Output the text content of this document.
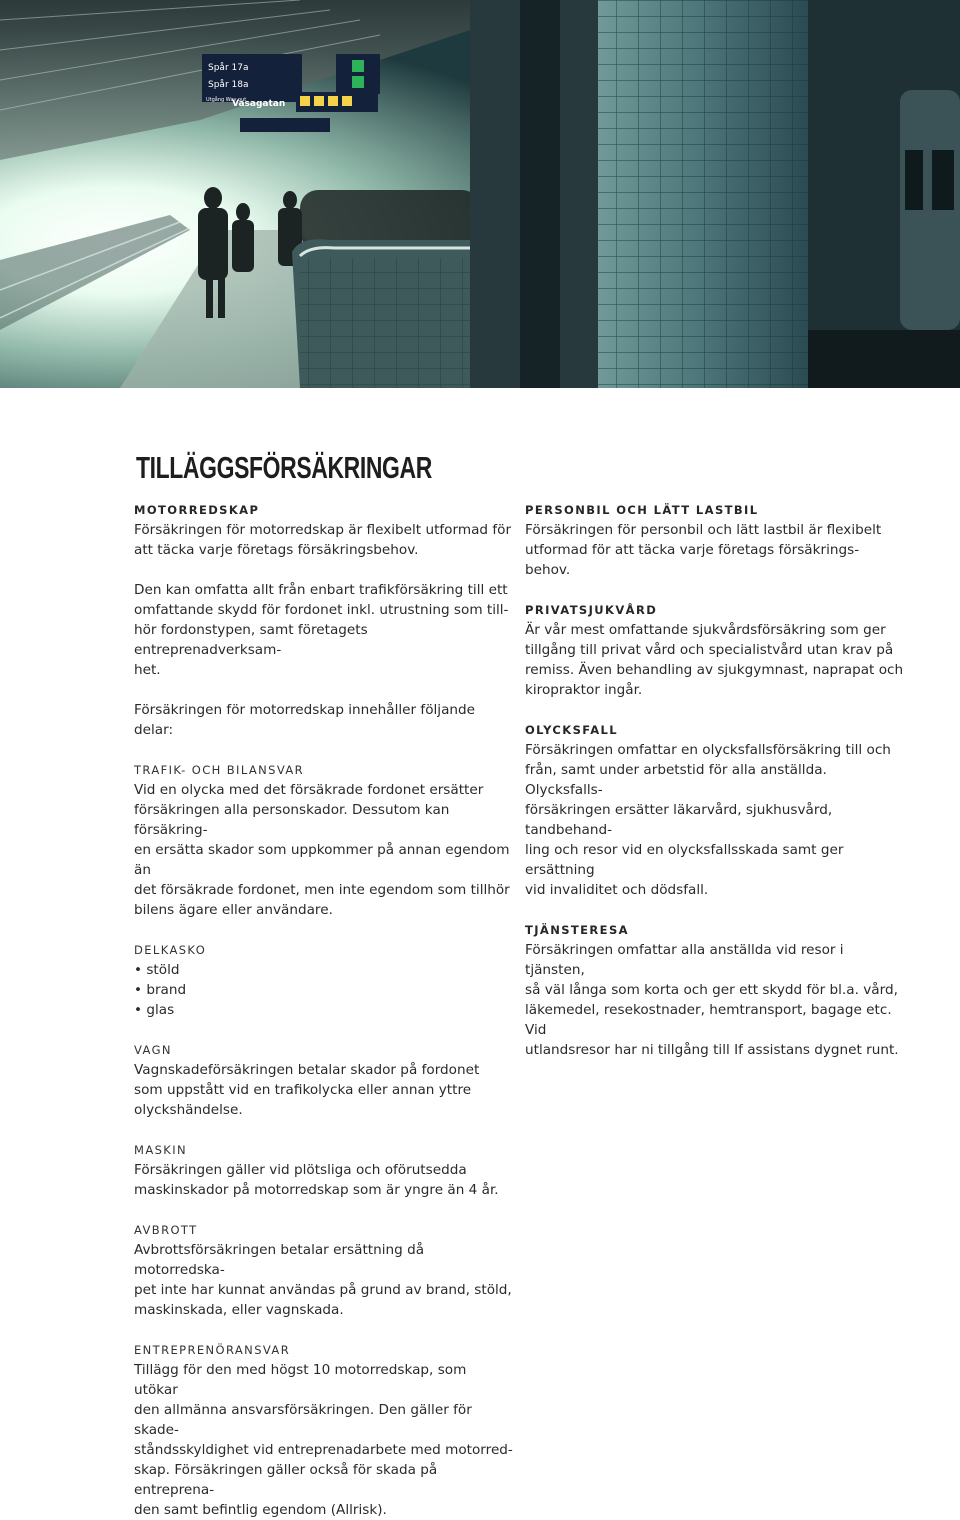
Spår 17a
Spår 18a
Utgång Way out
Vasagatan
TILLÄGGSFÖRSÄKRINGAR

MOTORREDSKAP

Försäkringen för motorredskap är flexibelt utformad för
att täcka varje företags försäkringsbehov.

Den kan omfatta allt från enbart trafikförsäkring till ett
omfattande skydd för fordonet inkl. utrustning som till-
hör fordonstypen, samt företagets entreprenadverksam-
het.

Försäkringen för motorredskap innehåller följande delar:

TRAFIK- OCH BILANSVAR

Vid en olycka med det försäkrade fordonet ersätter
försäkringen alla personskador. Dessutom kan försäkring-
en ersätta skador som uppkommer på annan egendom än
det försäkrade fordonet, men inte egendom som tillhör
bilens ägare eller användare.

DELKASKO

• stöld
• brand
• glas

VAGN

Vagnskadeförsäkringen betalar skador på fordonet
som uppstått vid en trafikolycka eller annan yttre
olyckshändelse.

MASKIN

Försäkringen gäller vid plötsliga och oförutsedda
maskinskador på motorredskap som är yngre än 4 år.

AVBROTT

Avbrottsförsäkringen betalar ersättning då motorredska-
pet inte har kunnat användas på grund av brand, stöld,
maskinskada, eller vagnskada.

ENTREPRENÖRANSVAR

Tillägg för den med högst 10 motorredskap, som utökar
den allmänna ansvarsförsäkringen. Den gäller för skade-
ståndsskyldighet vid entreprenadarbete med motorred-
skap. Försäkringen gäller också för skada på entreprena-
den samt befintlig egendom (Allrisk).

PERSONBIL OCH LÄTT LASTBIL

Försäkringen för personbil och lätt lastbil är flexibelt
utformad för att täcka varje företags försäkrings-
behov.

PRIVATSJUKVÅRD

Är vår mest omfattande sjukvårdsförsäkring som ger
tillgång till privat vård och specialistvård utan krav på
remiss. Även behandling av sjukgymnast, naprapat och
kiropraktor ingår.

OLYCKSFALL

Försäkringen omfattar en olycksfallsförsäkring till och
från, samt under arbetstid för alla anställda. Olycksfalls-
försäkringen ersätter läkarvård, sjukhusvård, tandbehand-
ling och resor vid en olycksfallsskada samt ger ersättning
vid invaliditet och dödsfall.

TJÄNSTERESA

Försäkringen omfattar alla anställda vid resor i tjänsten,
så väl långa som korta och ger ett skydd för bl.a. vård,
läkemedel, resekostnader, hemtransport, bagage etc. Vid
utlandsresor har ni tillgång till If assistans dygnet runt.
